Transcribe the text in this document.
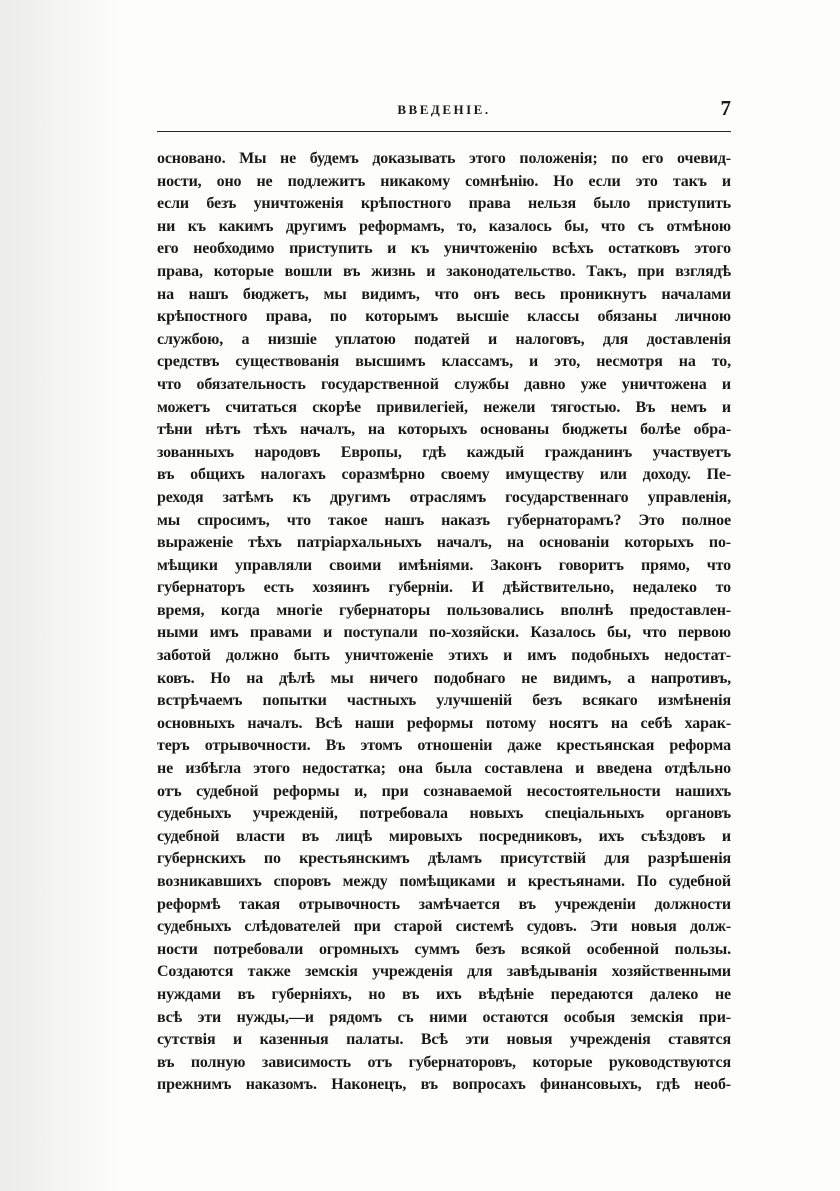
ВВЕДЕНІЕ.	7
основано. Мы не будемъ доказывать этого положенія; по его очевид-
ности, оно не подлежитъ никакому сомнѣнію. Но если это такъ и
если безъ уничтоженія крѣпостного права нельзя было приступить
ни къ какимъ другимъ реформамъ, то, казалось бы, что съ отмѣною
его необходимо приступить и къ уничтоженію всѣхъ остатковъ этого
права, которые вошли въ жизнь и законодательство. Такъ, при взглядѣ
на нашъ бюджетъ, мы видимъ, что онъ весь проникнутъ началами
крѣпостного права, по которымъ высшіе классы обязаны личною
службою, а низшіе уплатою податей и налоговъ, для доставленія
средствъ существованія высшимъ классамъ, и это, несмотря на то,
что обязательность государственной службы давно уже уничтожена и
можетъ считаться скорѣе привилегіей, нежели тягостью. Въ немъ и
тѣни нѣтъ тѣхъ началъ, на которыхъ основаны бюджеты болѣе обра-
зованныхъ народовъ Европы, гдѣ каждый гражданинъ участвуетъ
въ общихъ налогахъ соразмѣрно своему имуществу или доходу. Пе-
реходя затѣмъ къ другимъ отраслямъ государственнаго управленія,
мы спросимъ, что такое нашъ наказъ губернаторамъ? Это полное
выраженіе тѣхъ патріархальныхъ началъ, на основаніи которыхъ по-
мѣщики управляли своими имѣніями. Законъ говоритъ прямо, что
губернаторъ есть хозяинъ губерніи. И дѣйствительно, недалеко то
время, когда многіе губернаторы пользовались вполнѣ предоставлен-
ными имъ правами и поступали по-хозяйски. Казалось бы, что первою
заботой должно быть уничтоженіе этихъ и имъ подобныхъ недостат-
ковъ. Но на дѣлѣ мы ничего подобнаго не видимъ, а напротивъ,
встрѣчаемъ попытки частныхъ улучшеній безъ всякаго измѣненія
основныхъ началъ. Всѣ наши реформы потому носятъ на себѣ харак-
теръ отрывочности. Въ этомъ отношеніи даже крестьянская реформа
не избѣгла этого недостатка; она была составлена и введена отдѣльно
отъ судебной реформы и, при сознаваемой несостоятельности нашихъ
судебныхъ учрежденій, потребовала новыхъ спеціальныхъ органовъ
судебной власти въ лицѣ мировыхъ посредниковъ, ихъ съѣздовъ и
губернскихъ по крестьянскимъ дѣламъ присутствій для разрѣшенія
возникавшихъ споровъ между помѣщиками и крестьянами. По судебной
реформѣ такая отрывочность замѣчается въ учрежденіи должности
судебныхъ слѣдователей при старой системѣ судовъ. Эти новыя долж-
ности потребовали огромныхъ суммъ безъ всякой особенной пользы.
Создаются также земскія учрежденія для завѣдыванія хозяйственными
нуждами въ губерніяхъ, но въ ихъ вѣдѣніе передаются далеко не
всѣ эти нужды,—и рядомъ съ ними остаются особыя земскія при-
сутствія и казенныя палаты. Всѣ эти новыя учрежденія ставятся
въ полную зависимость отъ губернаторовъ, которые руководствуются
прежнимъ наказомъ. Наконецъ, въ вопросахъ финансовыхъ, гдѣ необ-
